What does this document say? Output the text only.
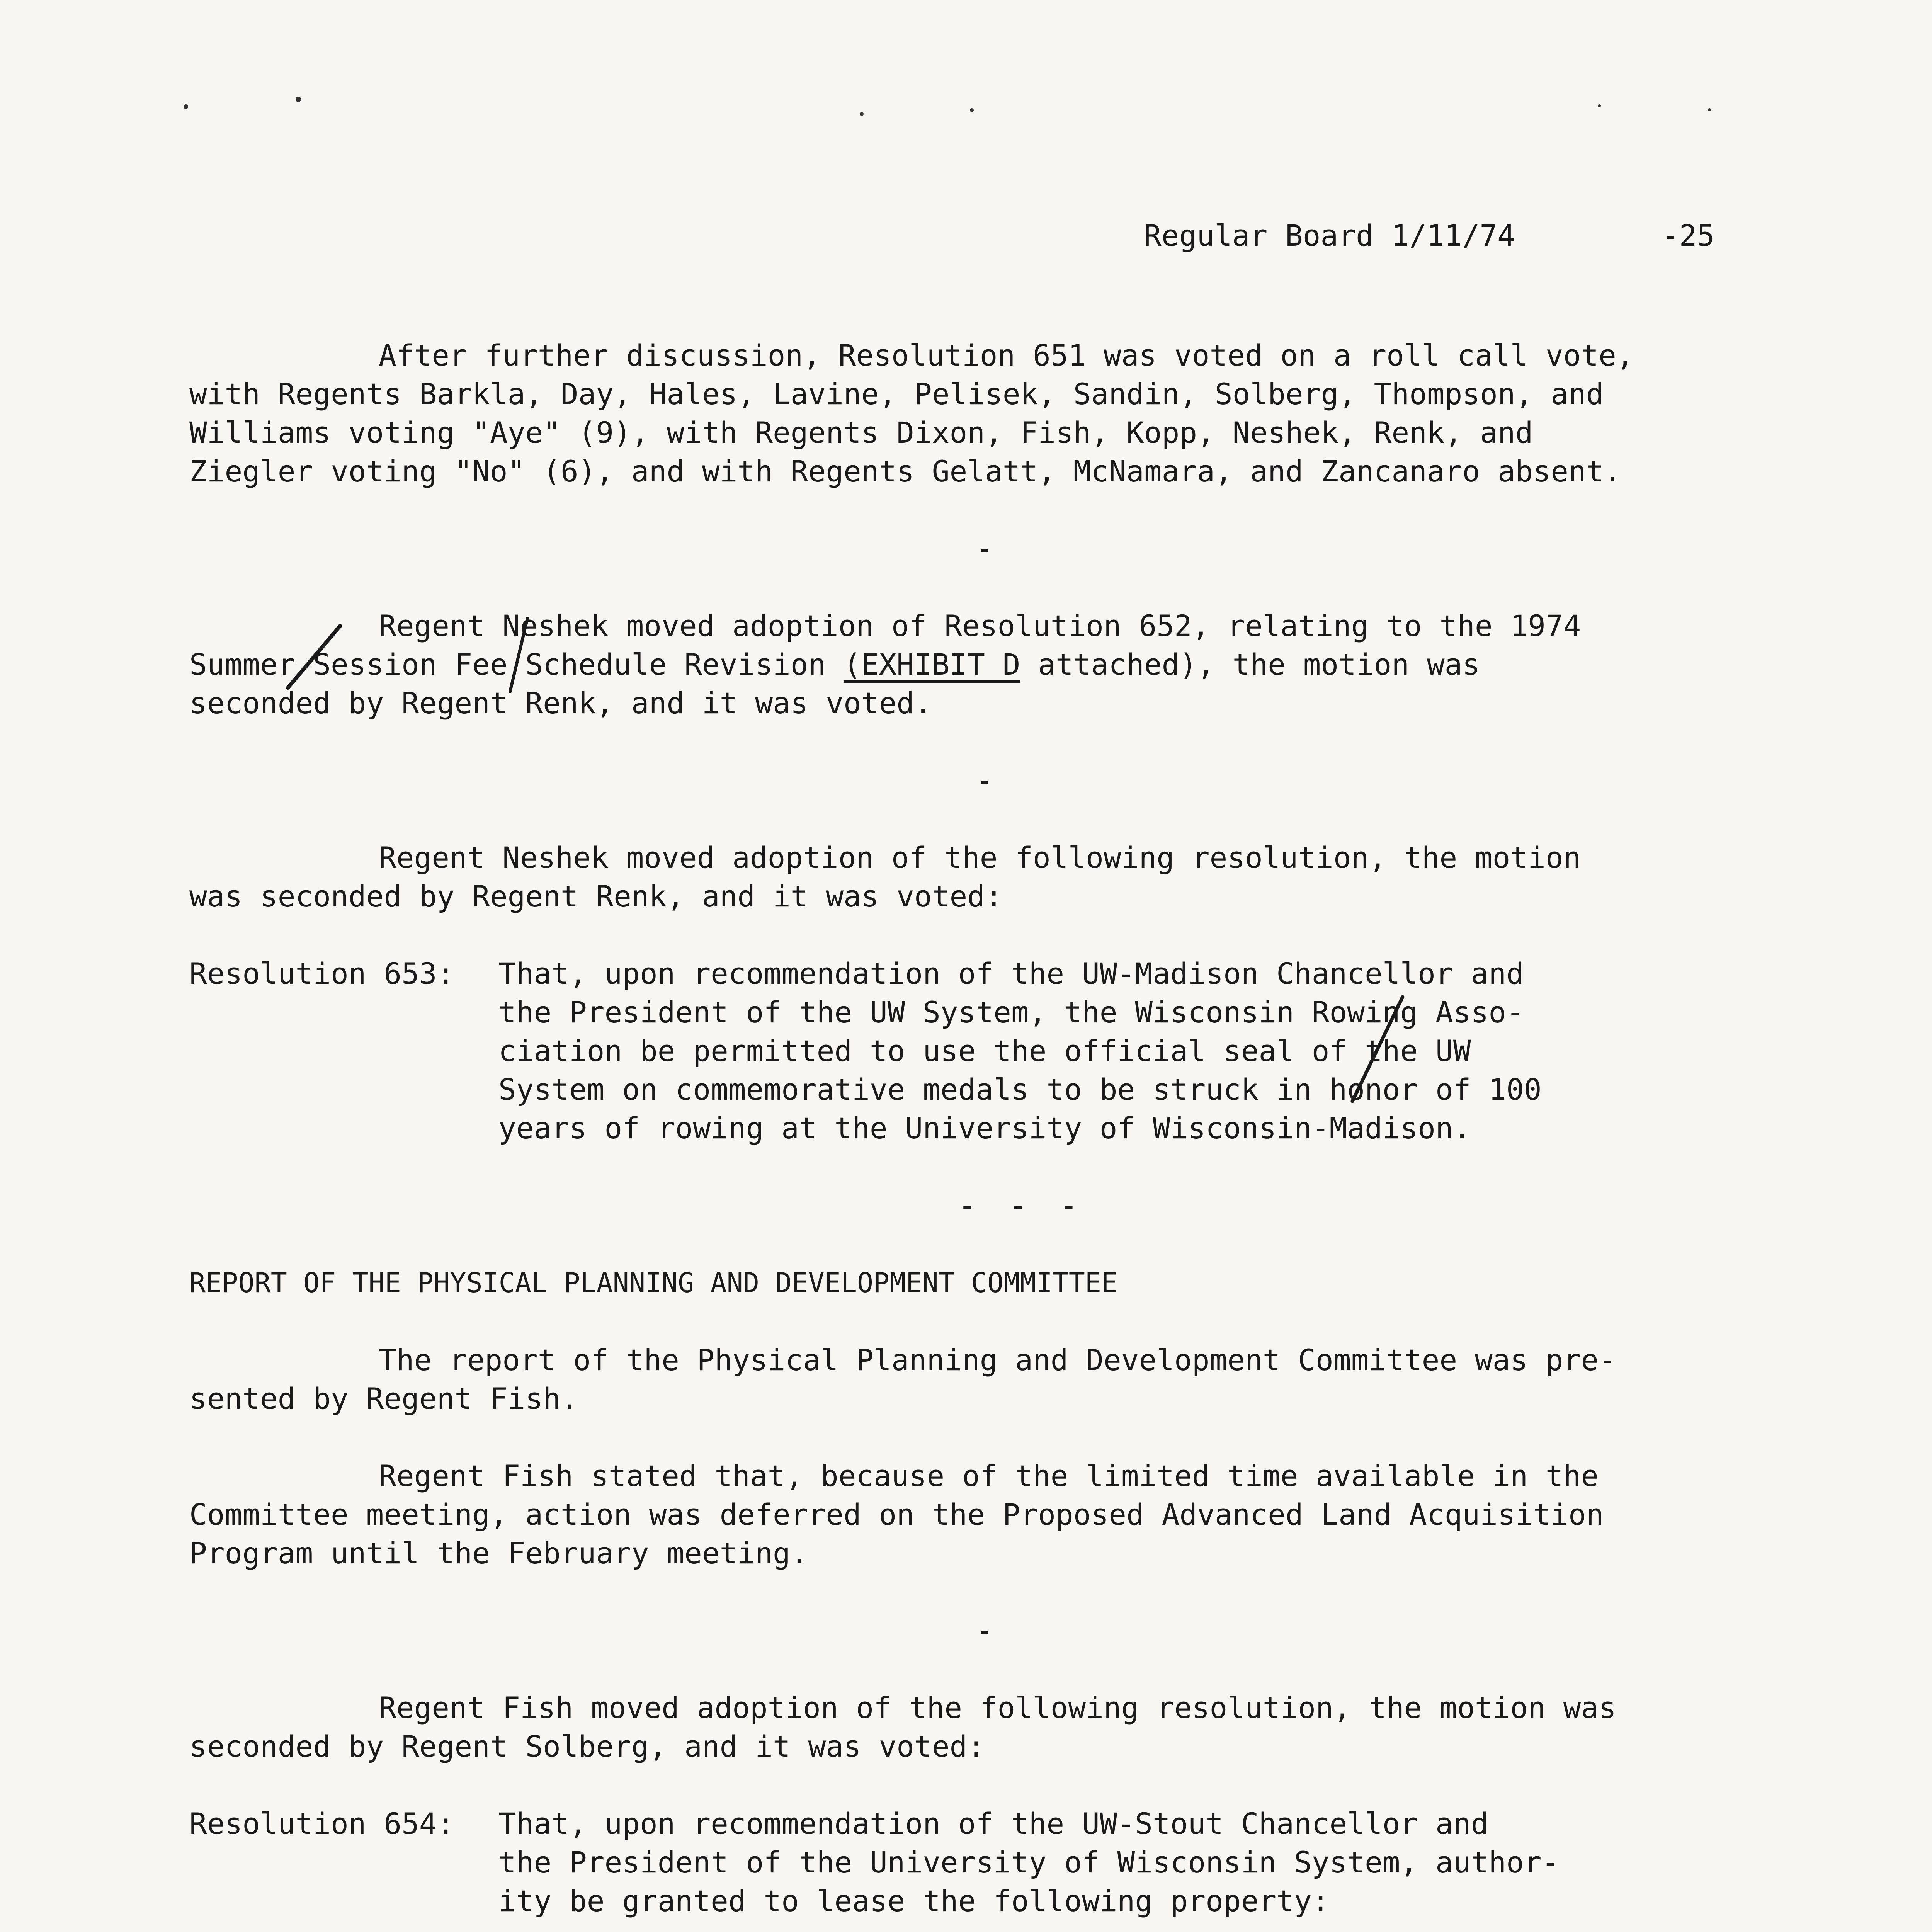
Regular Board 1/11/74	-25
After further discussion, Resolution 651 was voted on a roll call vote,
with Regents Barkla, Day, Hales, Lavine, Pelisek, Sandin, Solberg, Thompson, and
Williams voting "Aye" (9), with Regents Dixon, Fish, Kopp, Neshek, Renk, and
Ziegler voting "No" (6), and with Regents Gelatt, McNamara, and Zancanaro absent.
-
Regent Neshek moved adoption of Resolution 652, relating to the 1974
Summer Session Fee Schedule Revision (EXHIBIT D attached), the motion was
seconded by Regent Renk, and it was voted.
-
Regent Neshek moved adoption of the following resolution, the motion
was seconded by Regent Renk, and it was voted:
Resolution 653: That, upon recommendation of the UW-Madison Chancellor and
the President of the UW System, the Wisconsin Rowing Asso-
ciation be permitted to use the official seal of the UW
System on commemorative medals to be struck in honor of 100
years of rowing at the University of Wisconsin-Madison.
- - -
REPORT OF THE PHYSICAL PLANNING AND DEVELOPMENT COMMITTEE
The report of the Physical Planning and Development Committee was pre-
sented by Regent Fish.
Regent Fish stated that, because of the limited time available in the
Committee meeting, action was deferred on the Proposed Advanced Land Acquisition
Program until the February meeting.
-
Regent Fish moved adoption of the following resolution, the motion was
seconded by Regent Solberg, and it was voted:
Resolution 654: That, upon recommendation of the UW-Stout Chancellor and
the President of the University of Wisconsin System, author-
ity be granted to lease the following property:
